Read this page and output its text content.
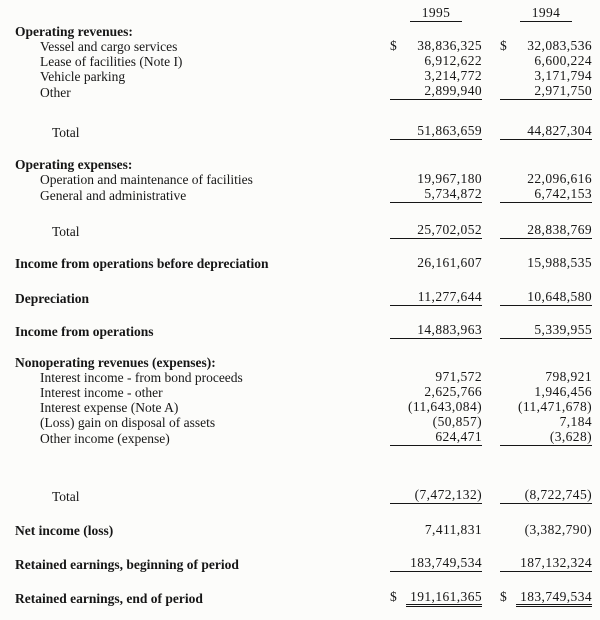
1995	1994
Operating revenues:
Vessel and cargo services	$ 38,836,325 $ 32,083,536
Lease of facilities (Note I)	6,912,622	6,600,224
Vehicle parking	3,214,772	3,171,794
Other	2,899,940	2,971,750
Total	51,863,659	44,827,304
Operating expenses:
Operation and maintenance of facilities	19,967,180	22,096,616
General and administrative	5,734,872	6,742,153
Total	25,702,052	28,838,769
Income from operations before depreciation	26,161,607	15,988,535
Depreciation	11,277,644	10,648,580
Income from operations	14,883,963	5,339,955
Nonoperating revenues (expenses):
Interest income - from bond proceeds	971,572	798,921
Interest income - other	2,625,766	1,946,456
Interest expense (Note A)	(11,643,084)	(11,471,678)
(Loss) gain on disposal of assets	(50,857)	7,184
Other income (expense)	624,471	(3,628)
Total	(7,472,132)	(8,722,745)
Net income (loss)	7,411,831	(3,382,790)
Retained earnings, beginning of period	183,749,534	187,132,324
Retained earnings, end of period	$ 191,161,365 $ 183,749,534
